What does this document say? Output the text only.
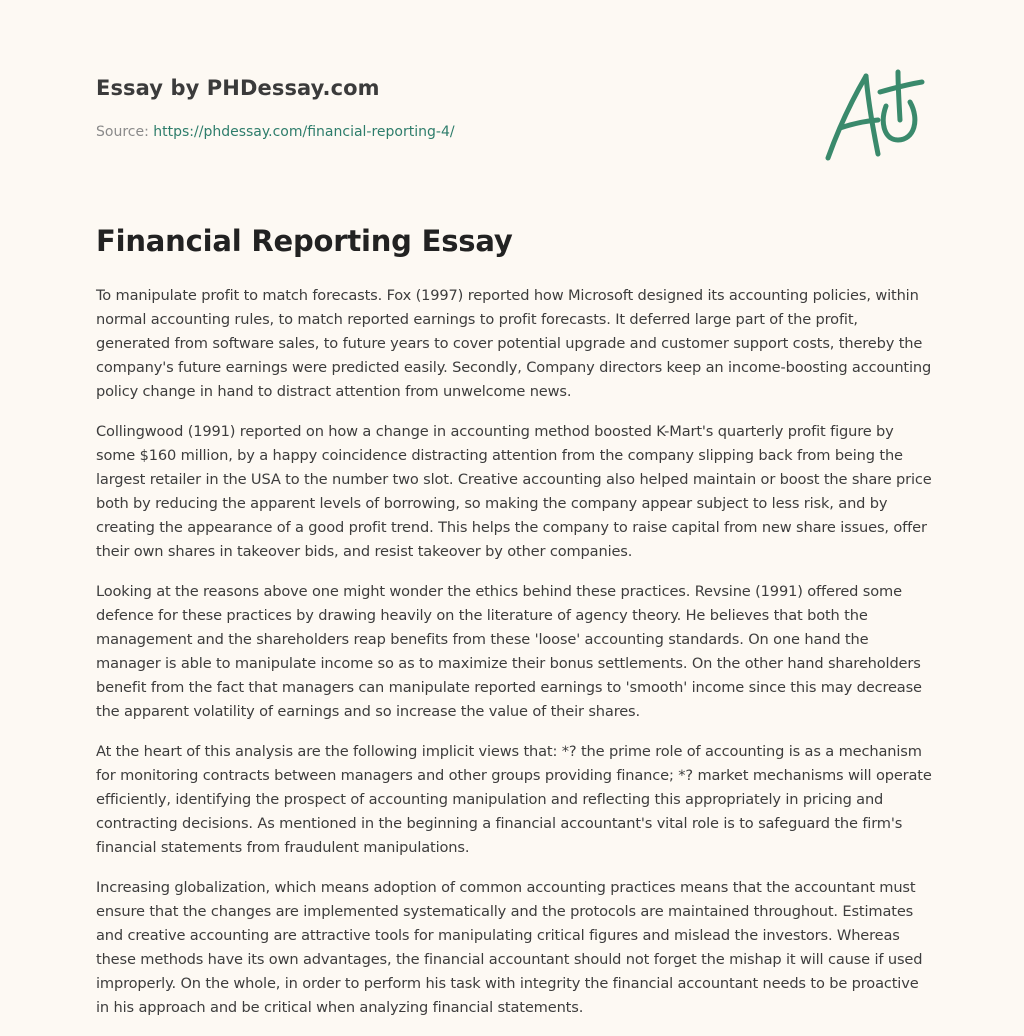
Essay by PHDessay.com
Source: https://phdessay.com/financial-reporting-4/
Financial Reporting Essay

To manipulate profit to match forecasts. Fox (1997) reported how Microsoft designed its accounting policies, within normal accounting rules, to match reported earnings to profit forecasts. It deferred large part of the profit, generated from software sales, to future years to cover potential upgrade and customer support costs, thereby the company's future earnings were predicted easily. Secondly, Company directors keep an income-boosting accounting policy change in hand to distract attention from unwelcome news.

Collingwood (1991) reported on how a change in accounting method boosted K-Mart's quarterly profit figure by some $160 million, by a happy coincidence distracting attention from the company slipping back from being the largest retailer in the USA to the number two slot. Creative accounting also helped maintain or boost the share price both by reducing the apparent levels of borrowing, so making the company appear subject to less risk, and by creating the appearance of a good profit trend. This helps the company to raise capital from new share issues, offer their own shares in takeover bids, and resist takeover by other companies.

Looking at the reasons above one might wonder the ethics behind these practices. Revsine (1991) offered some defence for these practices by drawing heavily on the literature of agency theory. He believes that both the management and the shareholders reap benefits from these 'loose' accounting standards. On one hand the manager is able to manipulate income so as to maximize their bonus settlements. On the other hand shareholders benefit from the fact that managers can manipulate reported earnings to 'smooth' income since this may decrease the apparent volatility of earnings and so increase the value of their shares.

At the heart of this analysis are the following implicit views that: *? the prime role of accounting is as a mechanism for monitoring contracts between managers and other groups providing finance; *? market mechanisms will operate efficiently, identifying the prospect of accounting manipulation and reflecting this appropriately in pricing and contracting decisions. As mentioned in the beginning a financial accountant's vital role is to safeguard the firm's financial statements from fraudulent manipulations.

Increasing globalization, which means adoption of common accounting practices means that the accountant must ensure that the changes are implemented systematically and the protocols are maintained throughout. Estimates and creative accounting are attractive tools for manipulating critical figures and mislead the investors. Whereas these methods have its own advantages, the financial accountant should not forget the mishap it will cause if used improperly. On the whole, in order to perform his task with integrity the financial accountant needs to be proactive in his approach and be critical when analyzing financial statements.
